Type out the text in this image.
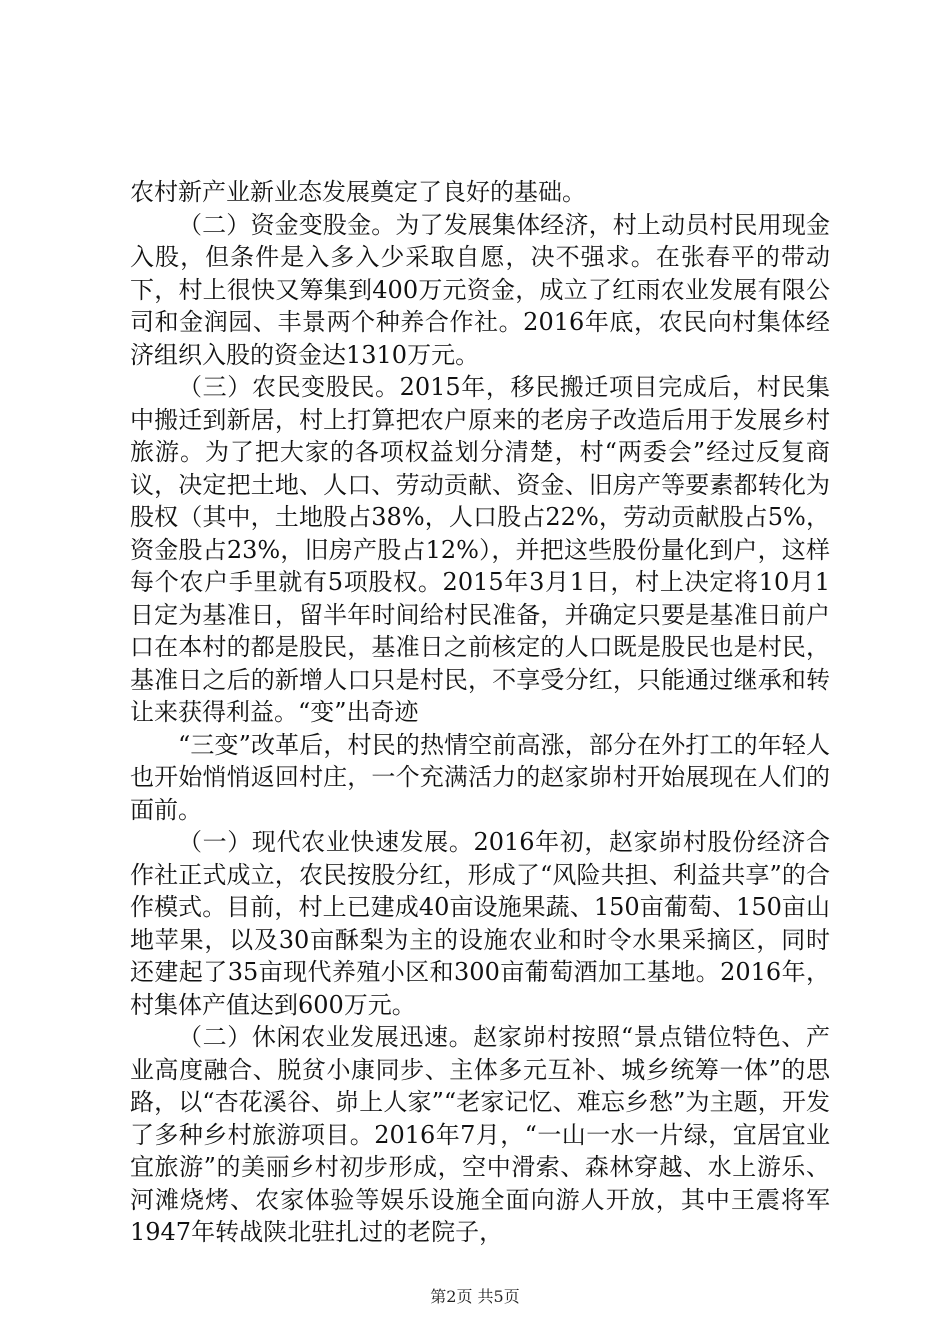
农村新产业新业态发展奠定了良好的基础。

（二）资金变股金。为了发展集体经济，村上动员村民用现金入股，但条件是入多入少采取自愿，决不强求。在张春平的带动下，村上很快又筹集到400万元资金，成立了红雨农业发展有限公司和金润园、丰景两个种养合作社。2016年底，农民向村集体经济组织入股的资金达1310万元。

（三）农民变股民。2015年，移民搬迁项目完成后，村民集中搬迁到新居，村上打算把农户原来的老房子改造后用于发展乡村旅游。为了把大家的各项权益划分清楚，村“两委会”经过反复商议，决定把土地、人口、劳动贡献、资金、旧房产等要素都转化为股权（其中，土地股占38%，人口股占22%，劳动贡献股占5%，资金股占23%，旧房产股占12%），并把这些股份量化到户，这样每个农户手里就有5项股权。2015年3月1日，村上决定将10月1日定为基准日，留半年时间给村民准备，并确定只要是基准日前户口在本村的都是股民，基准日之前核定的人口既是股民也是村民，基准日之后的新增人口只是村民，不享受分红，只能通过继承和转让来获得利益。“变”出奇迹

“三变”改革后，村民的热情空前高涨，部分在外打工的年轻人也开始悄悄返回村庄，一个充满活力的赵家峁村开始展现在人们的面前。

（一）现代农业快速发展。2016年初，赵家峁村股份经济合作社正式成立，农民按股分红，形成了“风险共担、利益共享”的合作模式。目前，村上已建成40亩设施果蔬、150亩葡萄、150亩山地苹果，以及30亩酥梨为主的设施农业和时令水果采摘区，同时还建起了35亩现代养殖小区和300亩葡萄酒加工基地。2016年，村集体产值达到600万元。

（二）休闲农业发展迅速。赵家峁村按照“景点错位特色、产业高度融合、脱贫小康同步、主体多元互补、城乡统筹一体”的思路，以“杏花溪谷、峁上人家”“老家记忆、难忘乡愁”为主题，开发了多种乡村旅游项目。2016年7月，“一山一水一片绿，宜居宜业宜旅游”的美丽乡村初步形成，空中滑索、森林穿越、水上游乐、河滩烧烤、农家体验等娱乐设施全面向游人开放，其中王震将军1947年转战陕北驻扎过的老院子，

第2页 共5页
